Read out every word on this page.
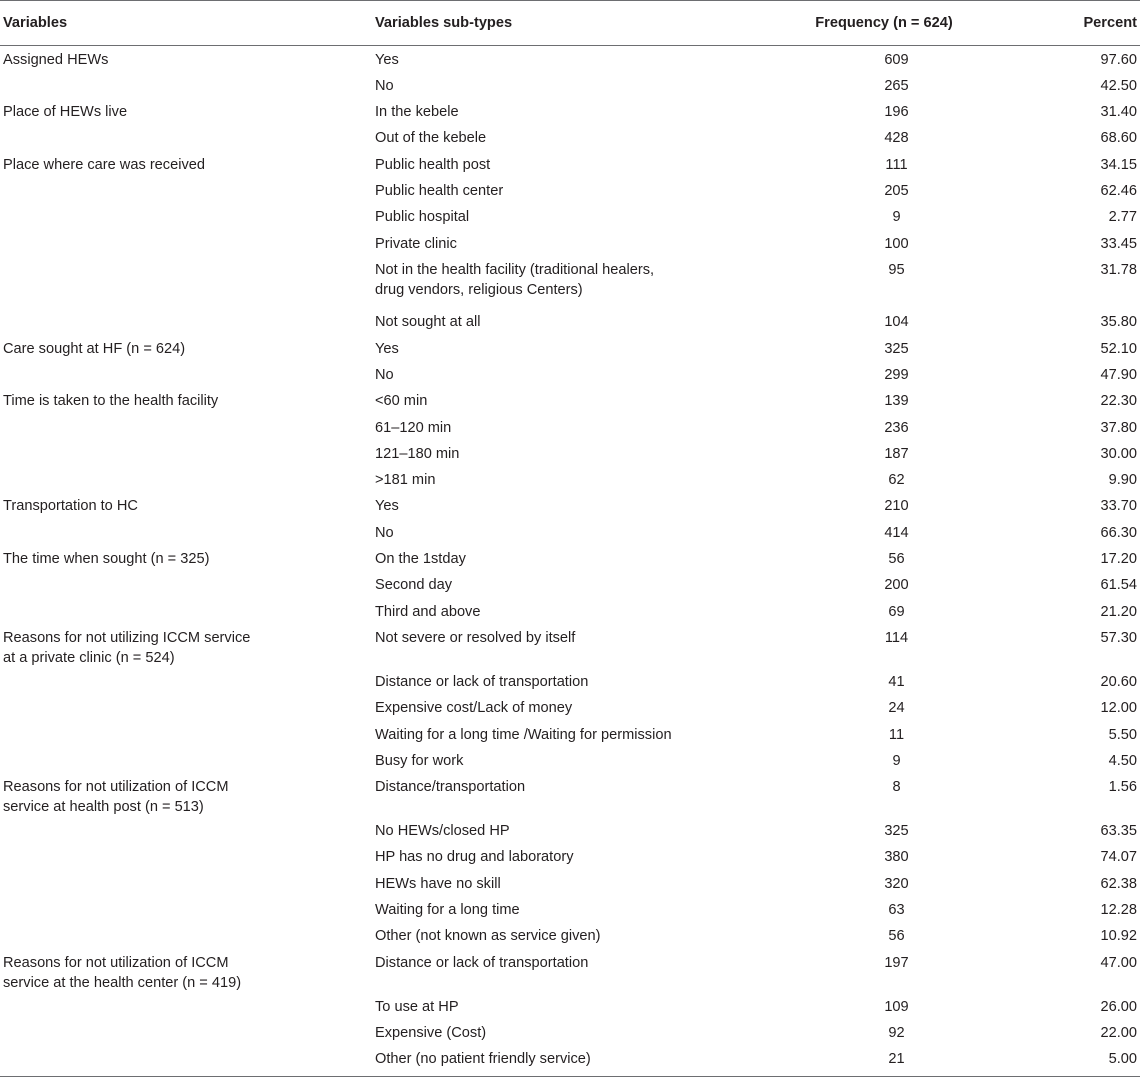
Variables	Variables sub-types	Frequency (n = 624)	Percent
Assigned HEWs	Yes	609	97.60
	No	265	42.50
Place of HEWs live	In the kebele	196	31.40
	Out of the kebele	428	68.60
Place where care was received	Public health post	111	34.15
	Public health center	205	62.46
	Public hospital	9	2.77
	Private clinic	100	33.45
	Not in the health facility (traditional healers,
drug vendors, religious Centers)	95	31.78
	Not sought at all	104	35.80
Care sought at HF (n = 624)	Yes	325	52.10
	No	299	47.90
Time is taken to the health facility	<60 min	139	22.30
	61–120 min	236	37.80
	121–180 min	187	30.00
	>181 min	62	9.90
Transportation to HC	Yes	210	33.70
	No	414	66.30
The time when sought (n = 325)	On the 1stday	56	17.20
	Second day	200	61.54
	Third and above	69	21.20
Reasons for not utilizing ICCM service
at a private clinic (n = 524)	Not severe or resolved by itself	114	57.30
	Distance or lack of transportation	41	20.60
	Expensive cost/Lack of money	24	12.00
	Waiting for a long time /Waiting for permission	11	5.50
	Busy for work	9	4.50
Reasons for not utilization of ICCM
service at health post (n = 513)	Distance/transportation	8	1.56
	No HEWs/closed HP	325	63.35
	HP has no drug and laboratory	380	74.07
	HEWs have no skill	320	62.38
	Waiting for a long time	63	12.28
	Other (not known as service given)	56	10.92
Reasons for not utilization of ICCM
service at the health center (n = 419)	Distance or lack of transportation	197	47.00
	To use at HP	109	26.00
	Expensive (Cost)	92	22.00
	Other (no patient friendly service)	21	5.00
